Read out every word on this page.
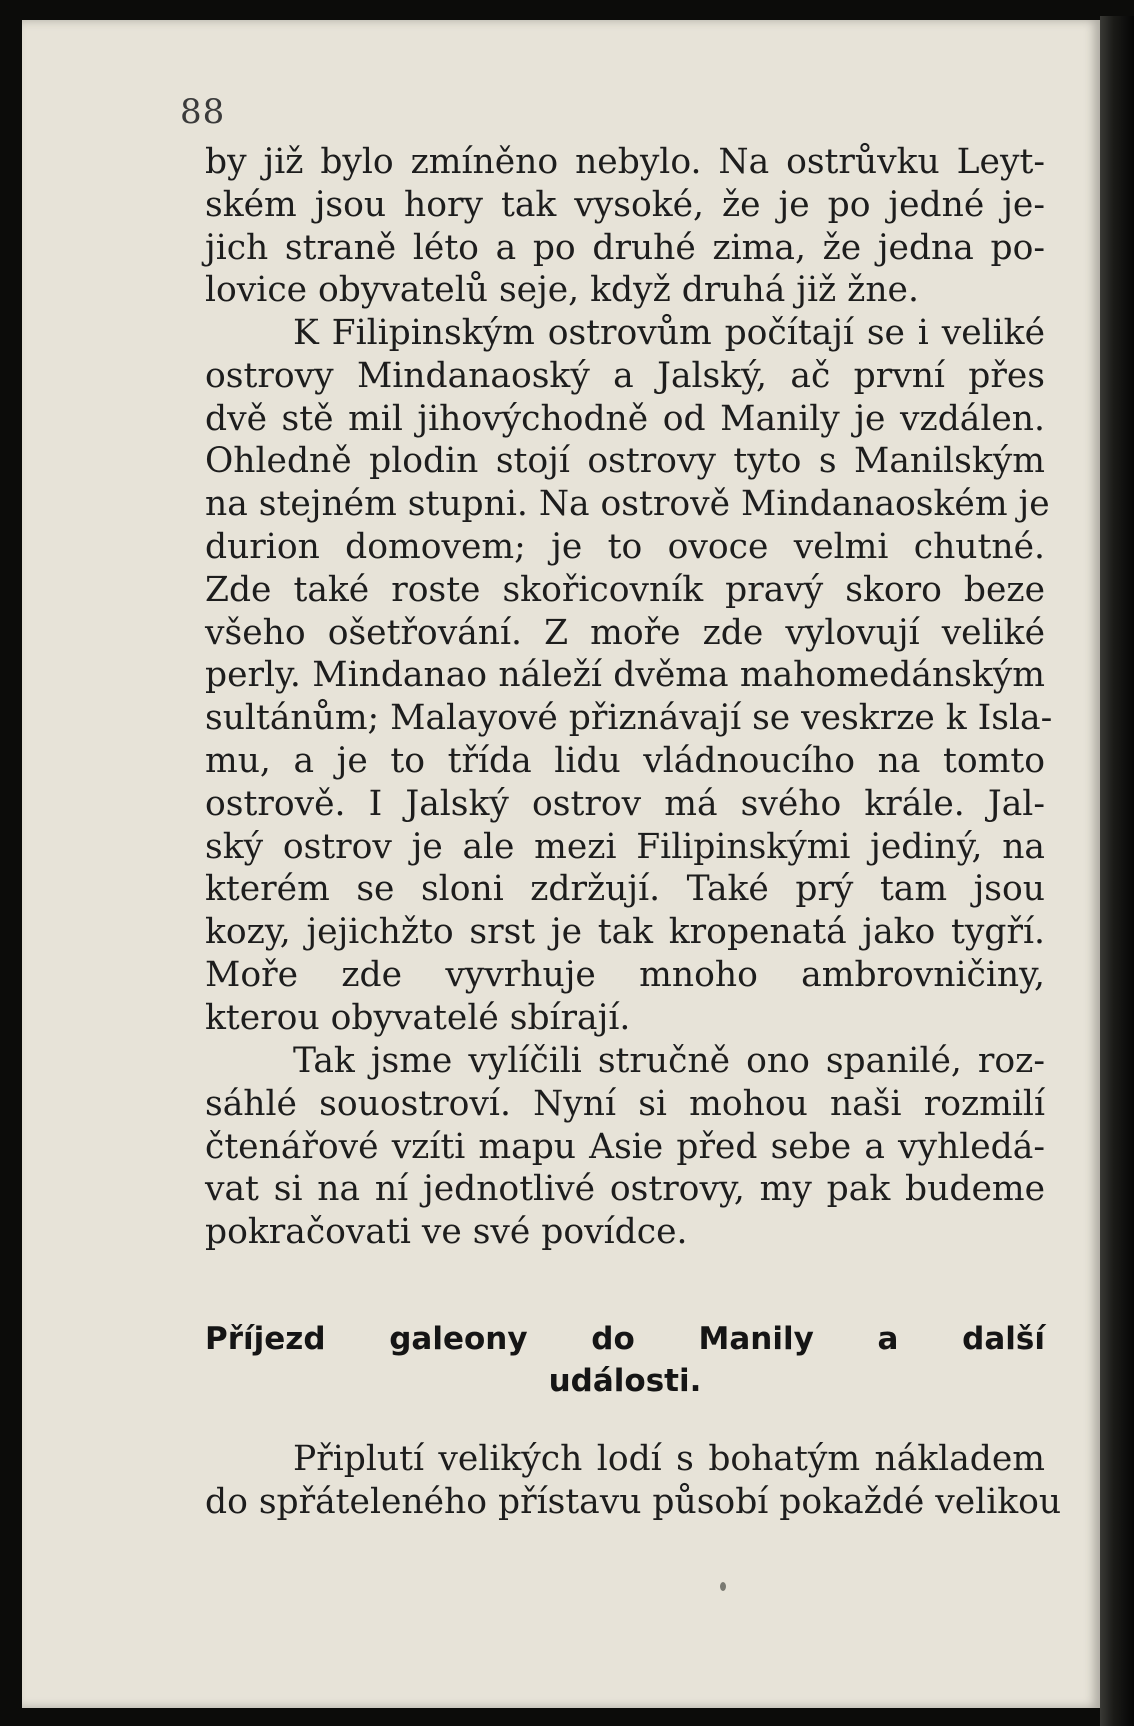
88
by již bylo zmíněno nebylo. Na ostrůvku Leyt-
ském jsou hory tak vysoké, že je po jedné je-
jich straně léto a po druhé zima, že jedna po-
lovice obyvatelů seje, když druhá již žne.
K Filipinským ostrovům počítají se i veliké
ostrovy Mindanaoský a Jalský, ač první přes
dvě stě mil jihovýchodně od Manily je vzdálen.
Ohledně plodin stojí ostrovy tyto s Manilským
na stejném stupni. Na ostrově Mindanaoském je
durion domovem; je to ovoce velmi chutné.
Zde také roste skořicovník pravý skoro beze
všeho ošetřování. Z moře zde vylovují veliké
perly. Mindanao náleží dvěma mahomedánským
sultánům; Malayové přiznávají se veskrze k Isla-
mu, a je to třída lidu vládnoucího na tomto
ostrově. I Jalský ostrov má svého krále. Jal-
ský ostrov je ale mezi Filipinskými jediný, na
kterém se sloni zdržují. Také prý tam jsou
kozy, jejichžto srst je tak kropenatá jako tygří.
Moře zde vyvrhuje mnoho ambrovničiny,
kterou obyvatelé sbírají.
Tak jsme vylíčili stručně ono spanilé, roz-
sáhlé souostroví. Nyní si mohou naši rozmilí
čtenářové vzíti mapu Asie před sebe a vyhledá-
vat si na ní jednotlivé ostrovy, my pak budeme
pokračovati ve své povídce.
Příjezd galeony do Manily a další
události.
Připlutí velikých lodí s bohatým nákladem
do spřáteleného přístavu působí pokaždé velikou
